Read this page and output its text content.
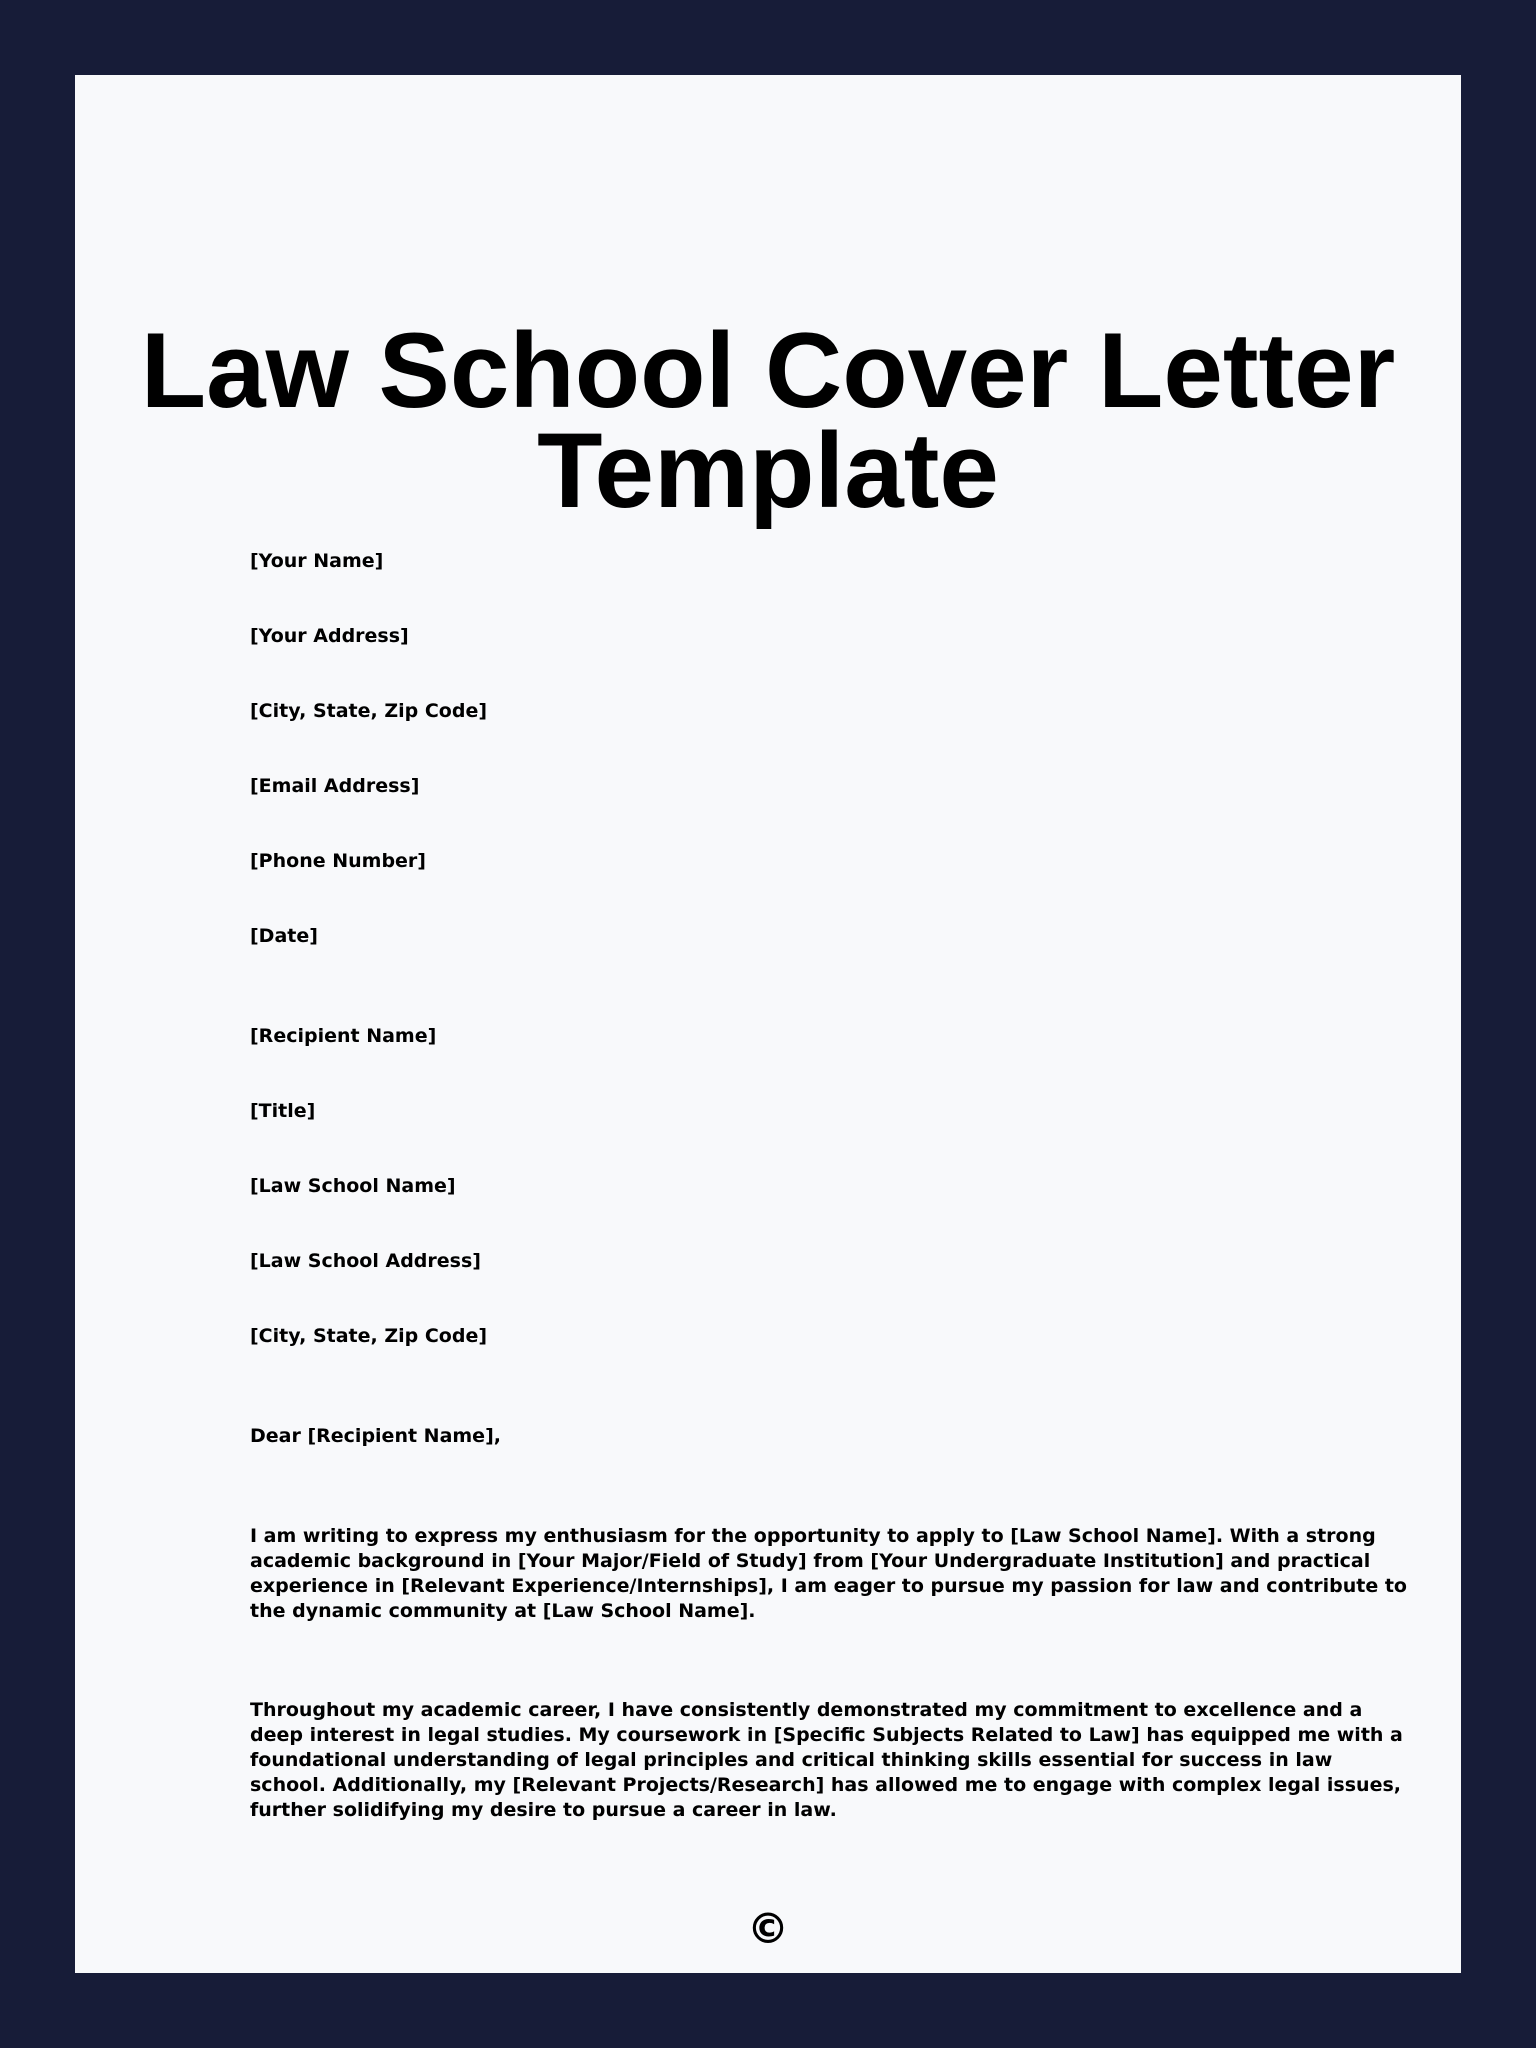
Law School Cover Letter
Template
[Your Name]
[Your Address]
[City, State, Zip Code]
[Email Address]
[Phone Number]
[Date]
[Recipient Name]
[Title]
[Law School Name]
[Law School Address]
[City, State, Zip Code]
Dear [Recipient Name],
I am writing to express my enthusiasm for the opportunity to apply to [Law School Name]. With a strong
academic background in [Your Major/Field of Study] from [Your Undergraduate Institution] and practical
experience in [Relevant Experience/Internships], I am eager to pursue my passion for law and contribute to
the dynamic community at [Law School Name].
Throughout my academic career, I have consistently demonstrated my commitment to excellence and a
deep interest in legal studies. My coursework in [Specific Subjects Related to Law] has equipped me with a
foundational understanding of legal principles and critical thinking skills essential for success in law
school. Additionally, my [Relevant Projects/Research] has allowed me to engage with complex legal issues,
further solidifying my desire to pursue a career in law.
©
